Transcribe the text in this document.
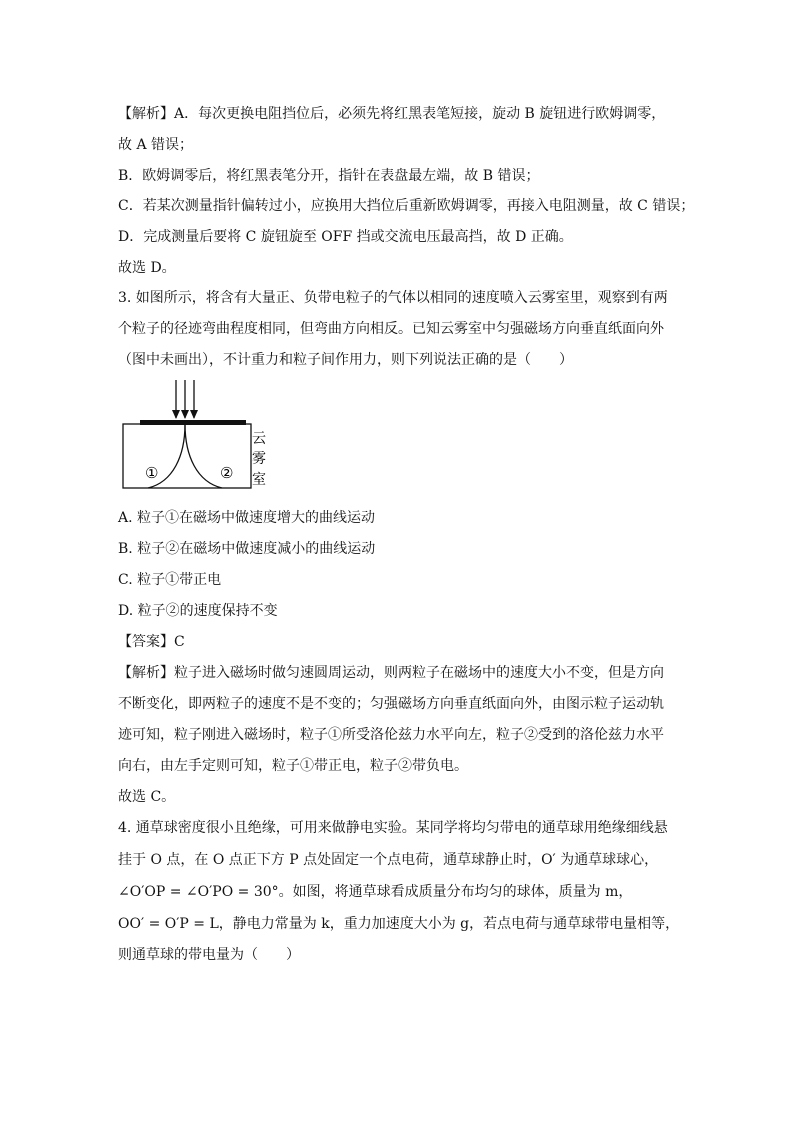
【解析】A．每次更换电阻挡位后，必须先将红黑表笔短接，旋动 B 旋钮进行欧姆调零，
故 A 错误；
B．欧姆调零后，将红黑表笔分开，指针在表盘最左端，故 B 错误；
C．若某次测量指针偏转过小，应换用大挡位后重新欧姆调零，再接入电阻测量，故 C 错误；
D．完成测量后要将 C 旋钮旋至 OFF 挡或交流电压最高挡，故 D 正确。
故选 D。
3. 如图所示，将含有大量正、负带电粒子的气体以相同的速度喷入云雾室里，观察到有两
个粒子的径迹弯曲程度相同，但弯曲方向相反。已知云雾室中匀强磁场方向垂直纸面向外
（图中未画出），不计重力和粒子间作用力，则下列说法正确的是（　　）
①	②
云
雾
室
A. 粒子①在磁场中做速度增大的曲线运动
B. 粒子②在磁场中做速度减小的曲线运动
C. 粒子①带正电
D. 粒子②的速度保持不变
【答案】C
【解析】粒子进入磁场时做匀速圆周运动，则两粒子在磁场中的速度大小不变，但是方向
不断变化，即两粒子的速度不是不变的；匀强磁场方向垂直纸面向外，由图示粒子运动轨
迹可知，粒子刚进入磁场时，粒子①所受洛伦兹力水平向左，粒子②受到的洛伦兹力水平
向右，由左手定则可知，粒子①带正电，粒子②带负电。
故选 C。
4. 通草球密度很小且绝缘，可用来做静电实验。某同学将均匀带电的通草球用绝缘细线悬
挂于 O 点，在 O 点正下方 P 点处固定一个点电荷，通草球静止时，O′ 为通草球球心，
∠O′OP = ∠O′PO = 30°。如图，将通草球看成质量分布均匀的球体，质量为 m，
OO′ = O′P = L，静电力常量为 k，重力加速度大小为 g，若点电荷与通草球带电量相等，
则通草球的带电量为（　　）
